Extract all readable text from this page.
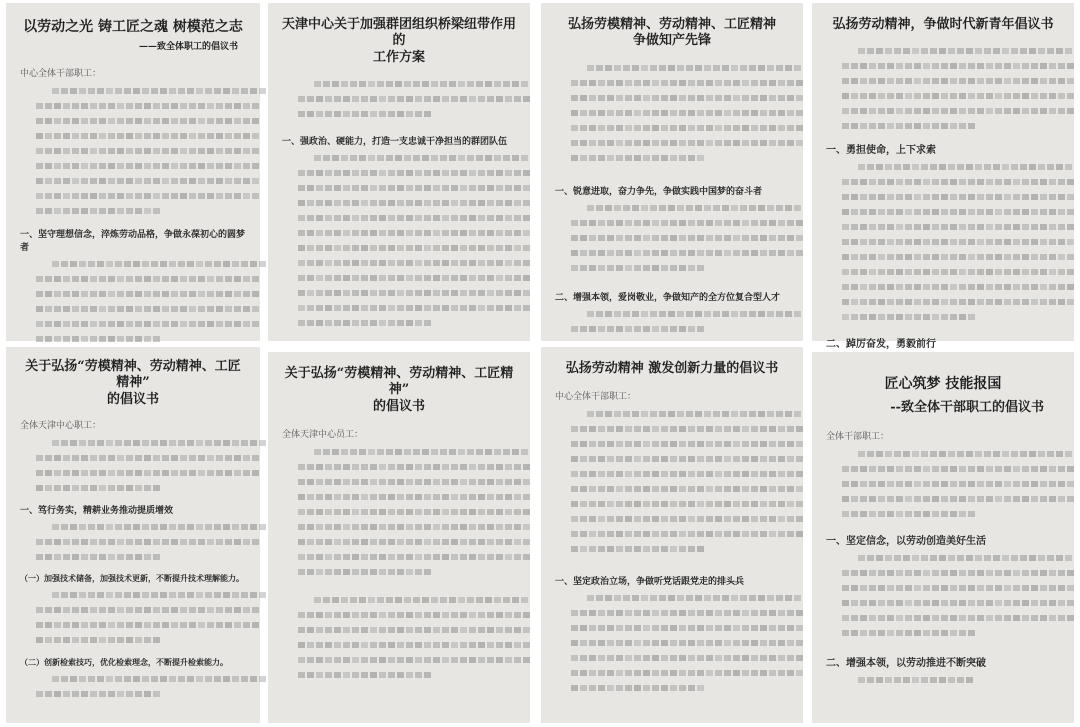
以劳动之光 铸工匠之魂 树模范之志
——致全体职工的倡议书
中心全体干部职工：
一、坚守理想信念，淬炼劳动品格，争做永葆初心的圆梦者
天津中心关于加强群团组织桥梁纽带作用的
工作方案
一、强政治、硬能力，打造一支忠诚干净担当的群团队伍
弘扬劳模精神、劳动精神、工匠精神
争做知产先锋
一、锐意进取，奋力争先，争做实践中国梦的奋斗者
二、增强本领，爱岗敬业，争做知产的全方位复合型人才
弘扬劳动精神，争做时代新青年倡议书
一、勇担使命，上下求索
二、踔厉奋发，勇毅前行
关于弘扬“劳模精神、劳动精神、工匠精神”
的倡议书
全体天津中心职工：
一、笃行务实，精耕业务推动提质增效
（一）加强技术储备，加强技术更新，不断提升技术理解能力。
（二）创新检索技巧，优化检索理念，不断提升检索能力。
关于弘扬“劳模精神、劳动精神、工匠精神”
的倡议书
全体天津中心员工：
弘扬劳动精神 激发创新力量的倡议书
中心全体干部职工：
一、坚定政治立场，争做听党话跟党走的排头兵
匠心筑梦 技能报国
--致全体干部职工的倡议书
全体干部职工：
一、坚定信念，以劳动创造美好生活
二、增强本领，以劳动推进不断突破
